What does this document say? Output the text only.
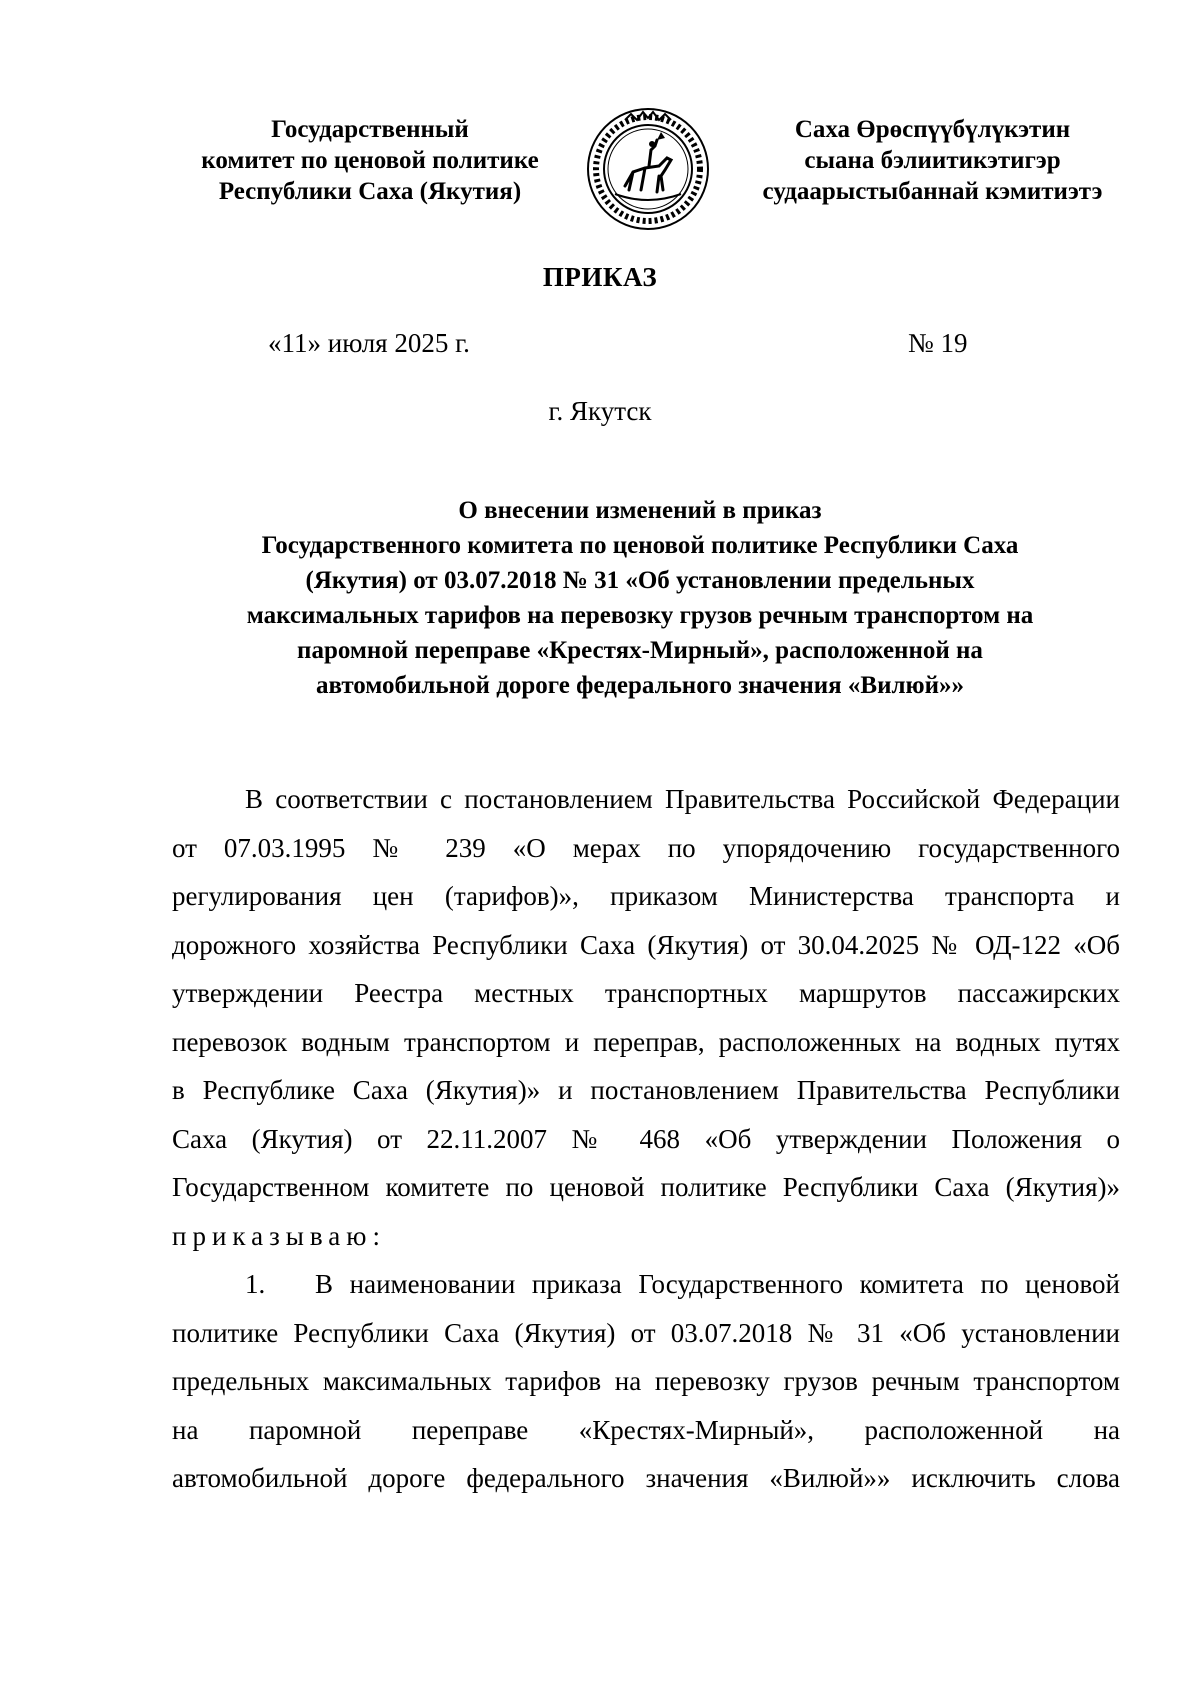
Государственный
комитет по ценовой политике
Республики Саха (Якутия)
Саха Өрөспүүбүлүкэтин
сыана бэлиитикэтигэр
судаарыстыбаннай кэмитиэтэ
ПРИКАЗ
«11» июля 2025 г.	№ 19
г. Якутск
О внесении изменений в приказ
Государственного комитета по ценовой политике Республики Саха
(Якутия) от 03.07.2018 № 31 «Об установлении предельных
максимальных тарифов на перевозку грузов речным транспортом на
паромной переправе «Крестях-Мирный», расположенной на
автомобильной дороге федерального значения «Вилюй»»
В соответствии с постановлением Правительства Российской Федерации
от 07.03.1995 № 239 «О мерах по упорядочению государственного
регулирования цен (тарифов)», приказом Министерства транспорта и
дорожного хозяйства Республики Саха (Якутия) от 30.04.2025 № ОД-122 «Об
утверждении Реестра местных транспортных маршрутов пассажирских
перевозок водным транспортом и переправ, расположенных на водных путях
в Республике Саха (Якутия)» и постановлением Правительства Республики
Саха (Якутия) от 22.11.2007 № 468 «Об утверждении Положения о
Государственном комитете по ценовой политике Республики Саха (Якутия)»
приказываю:
1. В наименовании приказа Государственного комитета по ценовой
политике Республики Саха (Якутия) от 03.07.2018 № 31 «Об установлении
предельных максимальных тарифов на перевозку грузов речным транспортом
на паромной переправе «Крестях-Мирный», расположенной на
автомобильной дороге федерального значения «Вилюй»» исключить слова
